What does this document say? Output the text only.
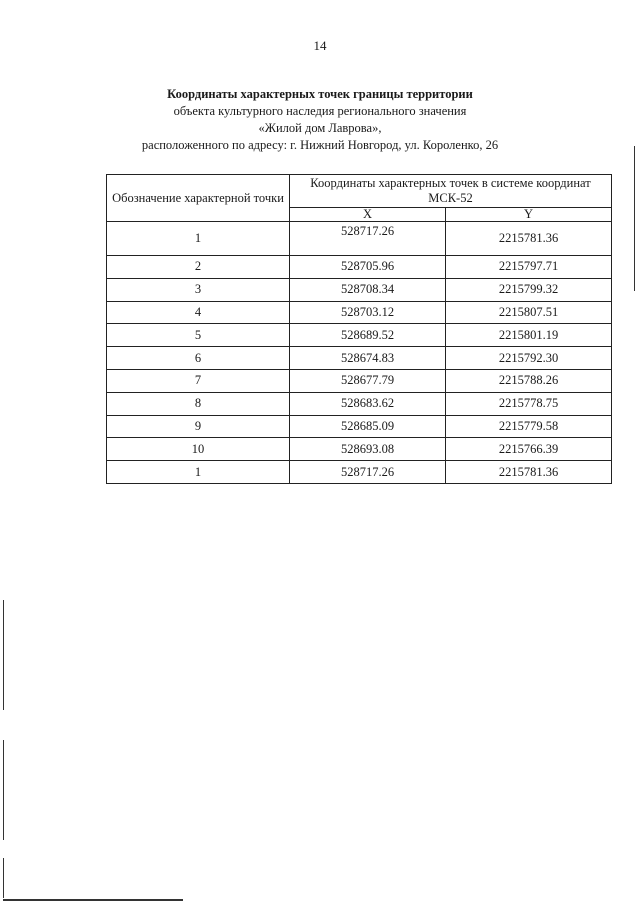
14
Координаты характерных точек границы территории
объекта культурного наследия регионального значения
«Жилой дом Лаврова»,
расположенного по адресу: г. Нижний Новгород, ул. Короленко, 26
Обозначение характерной точки	Координаты характерных точек в системе координат МСК-52	
	X	Y
1	528717.26	2215781.36
2	528705.96	2215797.71
3	528708.34	2215799.32
4	528703.12	2215807.51
5	528689.52	2215801.19
6	528674.83	2215792.30
7	528677.79	2215788.26
8	528683.62	2215778.75
9	528685.09	2215779.58
10	528693.08	2215766.39
1	528717.26	2215781.36
